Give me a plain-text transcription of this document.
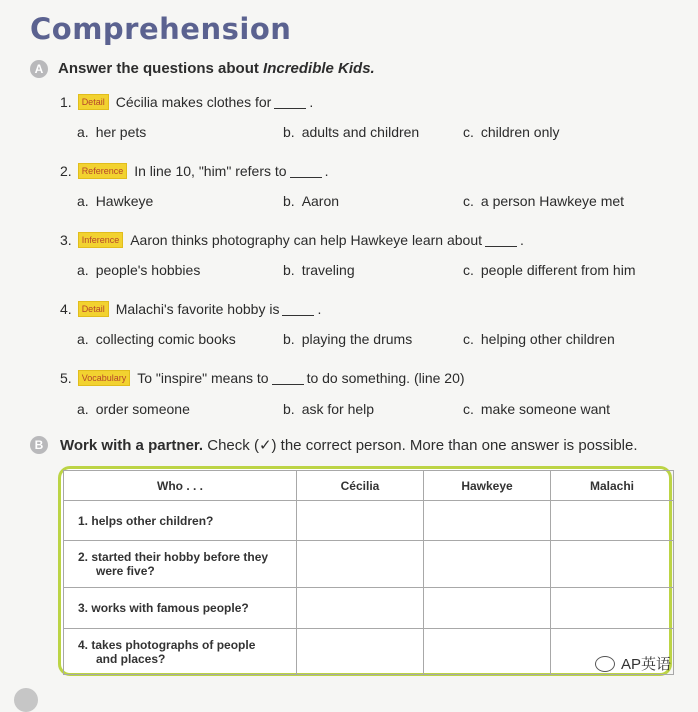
Comprehension
A Answer the questions about Incredible Kids.
1.	Detail Cécilia makes clothes for	.
a. her pets	b. adults and children	c. children only
2.	Reference In line 10, "him" refers to	.
a. Hawkeye	b. Aaron	c. a person Hawkeye met
3.	Inference Aaron thinks photography can help Hawkeye learn about	.
a. people's hobbies	b. traveling	c. people different from him
4.	Detail Malachi's favorite hobby is	.
a. collecting comic books	b. playing the drums	c. helping other children
5.	Vocabulary To "inspire" means to	to do something. (line 20)
a. order someone	b. ask for help	c. make someone want
B	Work with a partner. Check (✓) the correct person. More than one answer is possible.
Who . . .	Cécilia	Hawkeye	Malachi
1. helps other children?			
2. started their hobby before they
were five?			
3. works with famous people?			
4. takes photographs of people
and places?				AP英语
